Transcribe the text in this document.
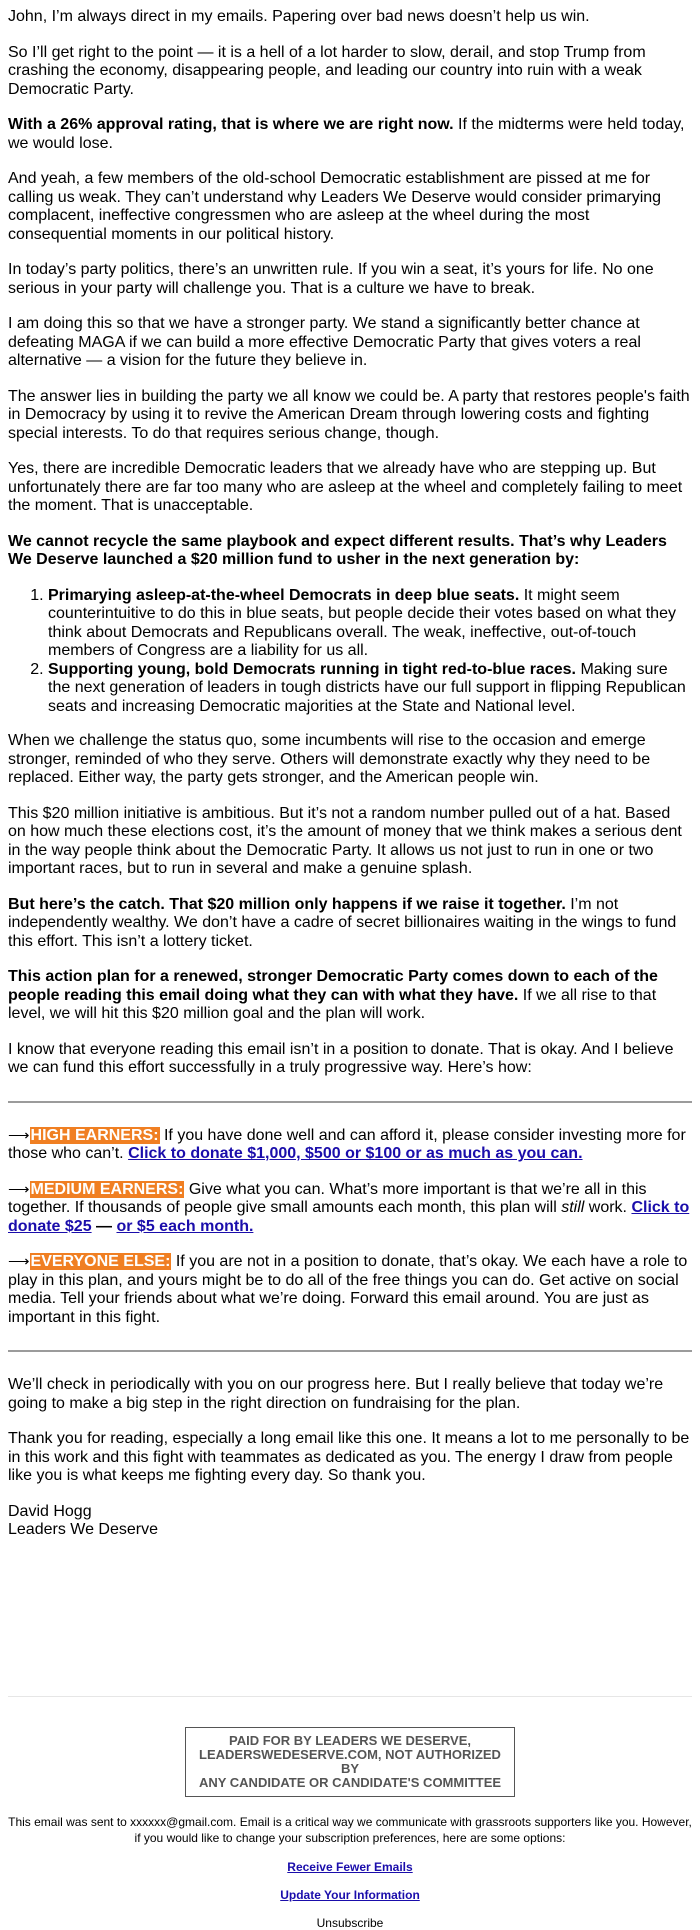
John, I’m always direct in my emails. Papering over bad news doesn’t help us win.

So I’ll get right to the point — it is a hell of a lot harder to slow, derail, and stop Trump from crashing the economy, disappearing people, and leading our country into ruin with a weak Democratic Party.

With a 26% approval rating, that is where we are right now. If the midterms were held today, we would lose.

And yeah, a few members of the old-school Democratic establishment are pissed at me for calling us weak. They can’t understand why Leaders We Deserve would consider primarying complacent, ineffective congressmen who are asleep at the wheel during the most consequential moments in our political history.

In today’s party politics, there’s an unwritten rule. If you win a seat, it’s yours for life. No one serious in your party will challenge you. That is a culture we have to break.

I am doing this so that we have a stronger party. We stand a significantly better chance at defeating MAGA if we can build a more effective Democratic Party that gives voters a real alternative — a vision for the future they believe in.

The answer lies in building the party we all know we could be. A party that restores people's faith in Democracy by using it to revive the American Dream through lowering costs and fighting special interests. To do that requires serious change, though.

Yes, there are incredible Democratic leaders that we already have who are stepping up. But unfortunately there are far too many who are asleep at the wheel and completely failing to meet the moment. That is unacceptable.

We cannot recycle the same playbook and expect different results. That’s why Leaders We Deserve launched a $20 million fund to usher in the next generation by:

1. Primarying asleep-at-the-wheel Democrats in deep blue seats. It might seem counterintuitive to do this in blue seats, but people decide their votes based on what they think about Democrats and Republicans overall. The weak, ineffective, out-of-touch members of Congress are a liability for us all.
2. Supporting young, bold Democrats running in tight red-to-blue races. Making sure the next generation of leaders in tough districts have our full support in flipping Republican seats and increasing Democratic majorities at the State and National level.

When we challenge the status quo, some incumbents will rise to the occasion and emerge stronger, reminded of who they serve. Others will demonstrate exactly why they need to be replaced. Either way, the party gets stronger, and the American people win.

This $20 million initiative is ambitious. But it’s not a random number pulled out of a hat. Based on how much these elections cost, it’s the amount of money that we think makes a serious dent in the way people think about the Democratic Party. It allows us not just to run in one or two important races, but to run in several and make a genuine splash.

But here’s the catch. That $20 million only happens if we raise it together. I’m not independently wealthy. We don’t have a cadre of secret billionaires waiting in the wings to fund this effort. This isn’t a lottery ticket.

This action plan for a renewed, stronger Democratic Party comes down to each of the people reading this email doing what they can with what they have. If we all rise to that level, we will hit this $20 million goal and the plan will work.

I know that everyone reading this email isn’t in a position to donate. That is okay. And I believe we can fund this effort successfully in a truly progressive way. Here’s how:

⟶HIGH EARNERS: If you have done well and can afford it, please consider investing more for those who can’t. Click to donate $1,000, $500 or $100 or as much as you can.

⟶MEDIUM EARNERS: Give what you can. What’s more important is that we’re all in this together. If thousands of people give small amounts each month, this plan will still work. Click to donate $25 — or $5 each month.

⟶EVERYONE ELSE: If you are not in a position to donate, that’s okay. We each have a role to play in this plan, and yours might be to do all of the free things you can do. Get active on social media. Tell your friends about what we’re doing. Forward this email around. You are just as important in this fight.

We’ll check in periodically with you on our progress here. But I really believe that today we’re going to make a big step in the right direction on fundraising for the plan.

Thank you for reading, especially a long email like this one. It means a lot to me personally to be in this work and this fight with teammates as dedicated as you. The energy I draw from people like you is what keeps me fighting every day. So thank you.

David Hogg

Leaders We Deserve

PAID FOR BY LEADERS WE DESERVE,
LEADERSWEDESERVE.COM, NOT AUTHORIZED BY
ANY CANDIDATE OR CANDIDATE'S COMMITTEE
This email was sent to xxxxxx@gmail.com. Email is a critical way we communicate with grassroots supporters like you. However, if you would like to change your subscription preferences, here are some options:
Receive Fewer Emails
Update Your Information
Unsubscribe
